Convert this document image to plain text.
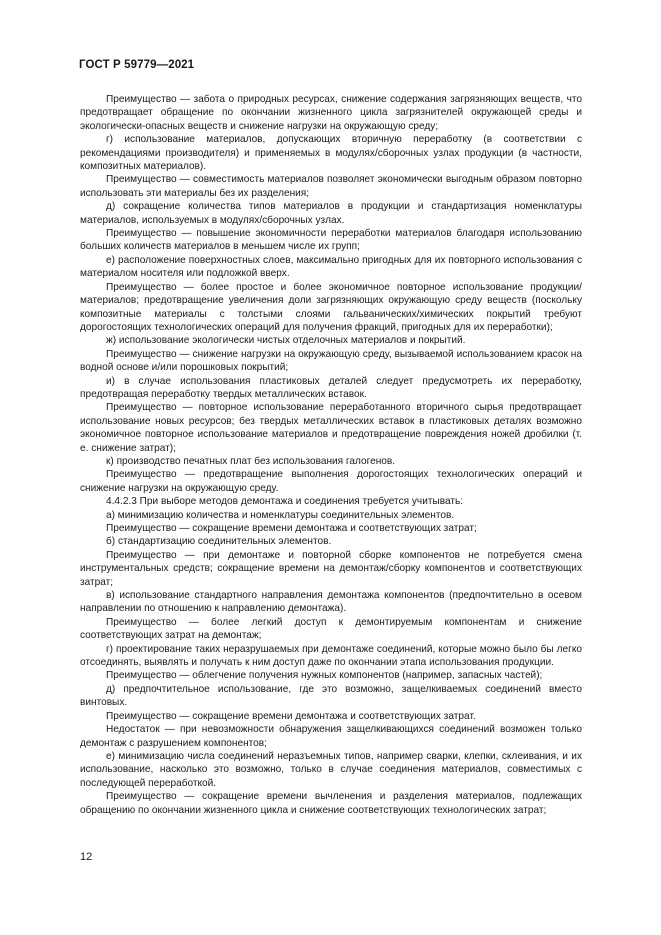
ГОСТ Р 59779—2021

Преимущество — забота о природных ресурсах, снижение содержания загрязняющих веществ, что предотвращает обращение по окончании жизненного цикла загрязнителей окружающей среды и экологически-опасных веществ и снижение нагрузки на окружающую среду;

г) использование материалов, допускающих вторичную переработку (в соответствии с рекомендациями производителя) и применяемых в модулях/сборочных узлах продукции (в частности, композитных материалов).

Преимущество — совместимость материалов позволяет экономически выгодным образом повторно использовать эти материалы без их разделения;

д) сокращение количества типов материалов в продукции и стандартизация номенклатуры материалов, используемых в модулях/сборочных узлах.

Преимущество — повышение экономичности переработки материалов благодаря использованию больших количеств материалов в меньшем числе их групп;

е) расположение поверхностных слоев, максимально пригодных для их повторного использования с материалом носителя или подложкой вверх.

Преимущество — более простое и более экономичное повторное использование продукции/материалов; предотвращение увеличения доли загрязняющих окружающую среду веществ (поскольку композитные материалы с толстыми слоями гальванических/химических покрытий требуют дорогостоящих технологических операций для получения фракций, пригодных для их переработки);

ж) использование экологически чистых отделочных материалов и покрытий.

Преимущество — снижение нагрузки на окружающую среду, вызываемой использованием красок на водной основе и/или порошковых покрытий;

и) в случае использования пластиковых деталей следует предусмотреть их переработку, предотвращая переработку твердых металлических вставок.

Преимущество — повторное использование переработанного вторичного сырья предотвращает использование новых ресурсов; без твердых металлических вставок в пластиковых деталях возможно экономичное повторное использование материалов и предотвращение повреждения ножей дробилки (т. е. снижение затрат);

к) производство печатных плат без использования галогенов.

Преимущество — предотвращение выполнения дорогостоящих технологических операций и снижение нагрузки на окружающую среду.

4.4.2.3 При выборе методов демонтажа и соединения требуется учитывать:

а) минимизацию количества и номенклатуры соединительных элементов.

Преимущество — сокращение времени демонтажа и соответствующих затрат;

б) стандартизацию соединительных элементов.

Преимущество — при демонтаже и повторной сборке компонентов не потребуется смена инструментальных средств; сокращение времени на демонтаж/сборку компонентов и соответствующих затрат;

в) использование стандартного направления демонтажа компонентов (предпочтительно в осевом направлении по отношению к направлению демонтажа).

Преимущество — более легкий доступ к демонтируемым компонентам и снижение соответствующих затрат на демонтаж;

г) проектирование таких неразрушаемых при демонтаже соединений, которые можно было бы легко отсоединять, выявлять и получать к ним доступ даже по окончании этапа использования продукции.

Преимущество — облегчение получения нужных компонентов (например, запасных частей);

д) предпочтительное использование, где это возможно, защелкиваемых соединений вместо винтовых.

Преимущество — сокращение времени демонтажа и соответствующих затрат.

Недостаток — при невозможности обнаружения защелкивающихся соединений возможен только демонтаж с разрушением компонентов;

е) минимизацию числа соединений неразъемных типов, например сварки, клепки, склеивания, и их использование, насколько это возможно, только в случае соединения материалов, совместимых с последующей переработкой.

Преимущество — сокращение времени вычленения и разделения материалов, подлежащих обращению по окончании жизненного цикла и снижение соответствующих технологических затрат;

12
